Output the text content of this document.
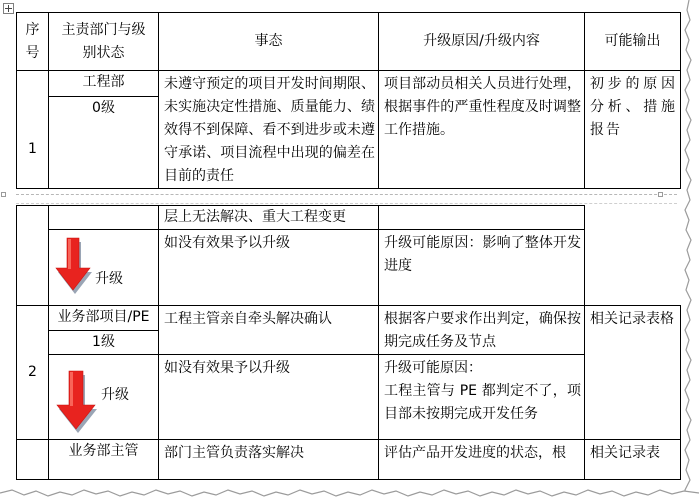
序号	主责部门与级别状态	事态	升级原因/升级内容	可能输出
1	工程部	未遵守预定的项目开发时间期限、未实施决定性措施、质量能力、绩效得不到保障、看不到进步或未遵守承诺、项目流程中出现的偏差在目前的责任	项目部动员相关人员进行处理，根据事件的严重性程度及时调整工作措施。	初步的原因分析、措施报告
	0级			
		层上无法解决、重大工程变更		

	升级	如没有效果予以升级	升级可能原因：影响了整体开发进度	
2	业务部项目/PE	工程主管亲自牵头解决确认	根据客户要求作出判定，确保按期完成任务及节点	相关记录表格
	1级			

	升级	如没有效果予以升级	升级可能原因：
工程主管与 PE 都判定不了，项目部未按期完成开发任务	

	业务部主管	部门主管负责落实解决	评估产品开发进度的状态，根	相关记录表
